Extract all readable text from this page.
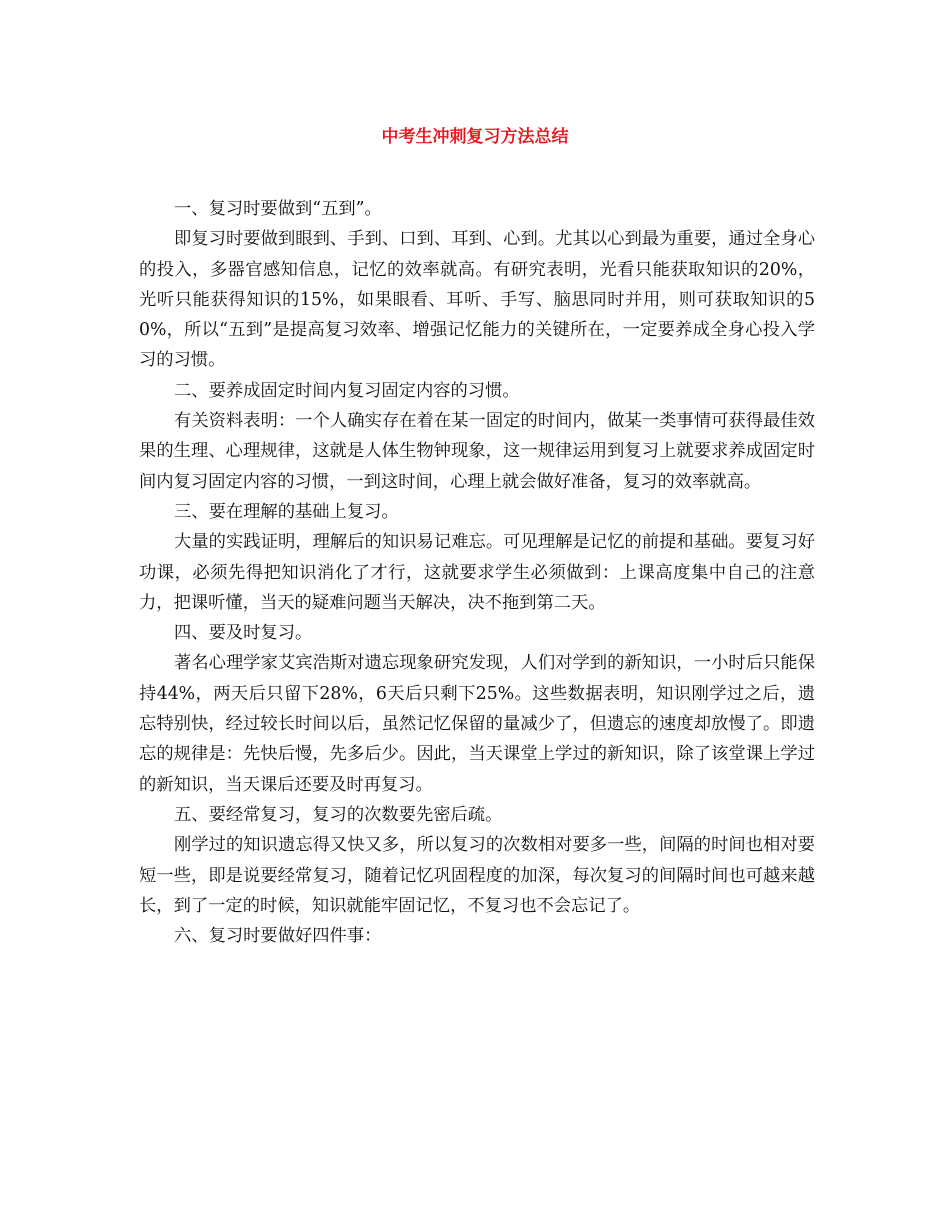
中考生冲刺复习方法总结

一、复习时要做到“五到”。

即复习时要做到眼到、手到、口到、耳到、心到。尤其以心到最为重要，通过全身心的投入，多器官感知信息，记忆的效率就高。有研究表明，光看只能获取知识的20%，光听只能获得知识的15%，如果眼看、耳听、手写、脑思同时并用，则可获取知识的50%，所以“五到”是提高复习效率、增强记忆能力的关键所在，一定要养成全身心投入学习的习惯。

二、要养成固定时间内复习固定内容的习惯。

有关资料表明：一个人确实存在着在某一固定的时间内，做某一类事情可获得最佳效果的生理、心理规律，这就是人体生物钟现象，这一规律运用到复习上就要求养成固定时间内复习固定内容的习惯，一到这时间，心理上就会做好准备，复习的效率就高。

三、要在理解的基础上复习。

大量的实践证明，理解后的知识易记难忘。可见理解是记忆的前提和基础。要复习好功课，必须先得把知识消化了才行，这就要求学生必须做到：上课高度集中自己的注意力，把课听懂，当天的疑难问题当天解决，决不拖到第二天。

四、要及时复习。

著名心理学家艾宾浩斯对遗忘现象研究发现，人们对学到的新知识，一小时后只能保持44%，两天后只留下28%，6天后只剩下25%。这些数据表明，知识刚学过之后，遗忘特别快，经过较长时间以后，虽然记忆保留的量减少了，但遗忘的速度却放慢了。即遗忘的规律是：先快后慢，先多后少。因此，当天课堂上学过的新知识，除了该堂课上学过的新知识，当天课后还要及时再复习。

五、要经常复习，复习的次数要先密后疏。

刚学过的知识遗忘得又快又多，所以复习的次数相对要多一些，间隔的时间也相对要短一些，即是说要经常复习，随着记忆巩固程度的加深，每次复习的间隔时间也可越来越长，到了一定的时候，知识就能牢固记忆，不复习也不会忘记了。

六、复习时要做好四件事：
